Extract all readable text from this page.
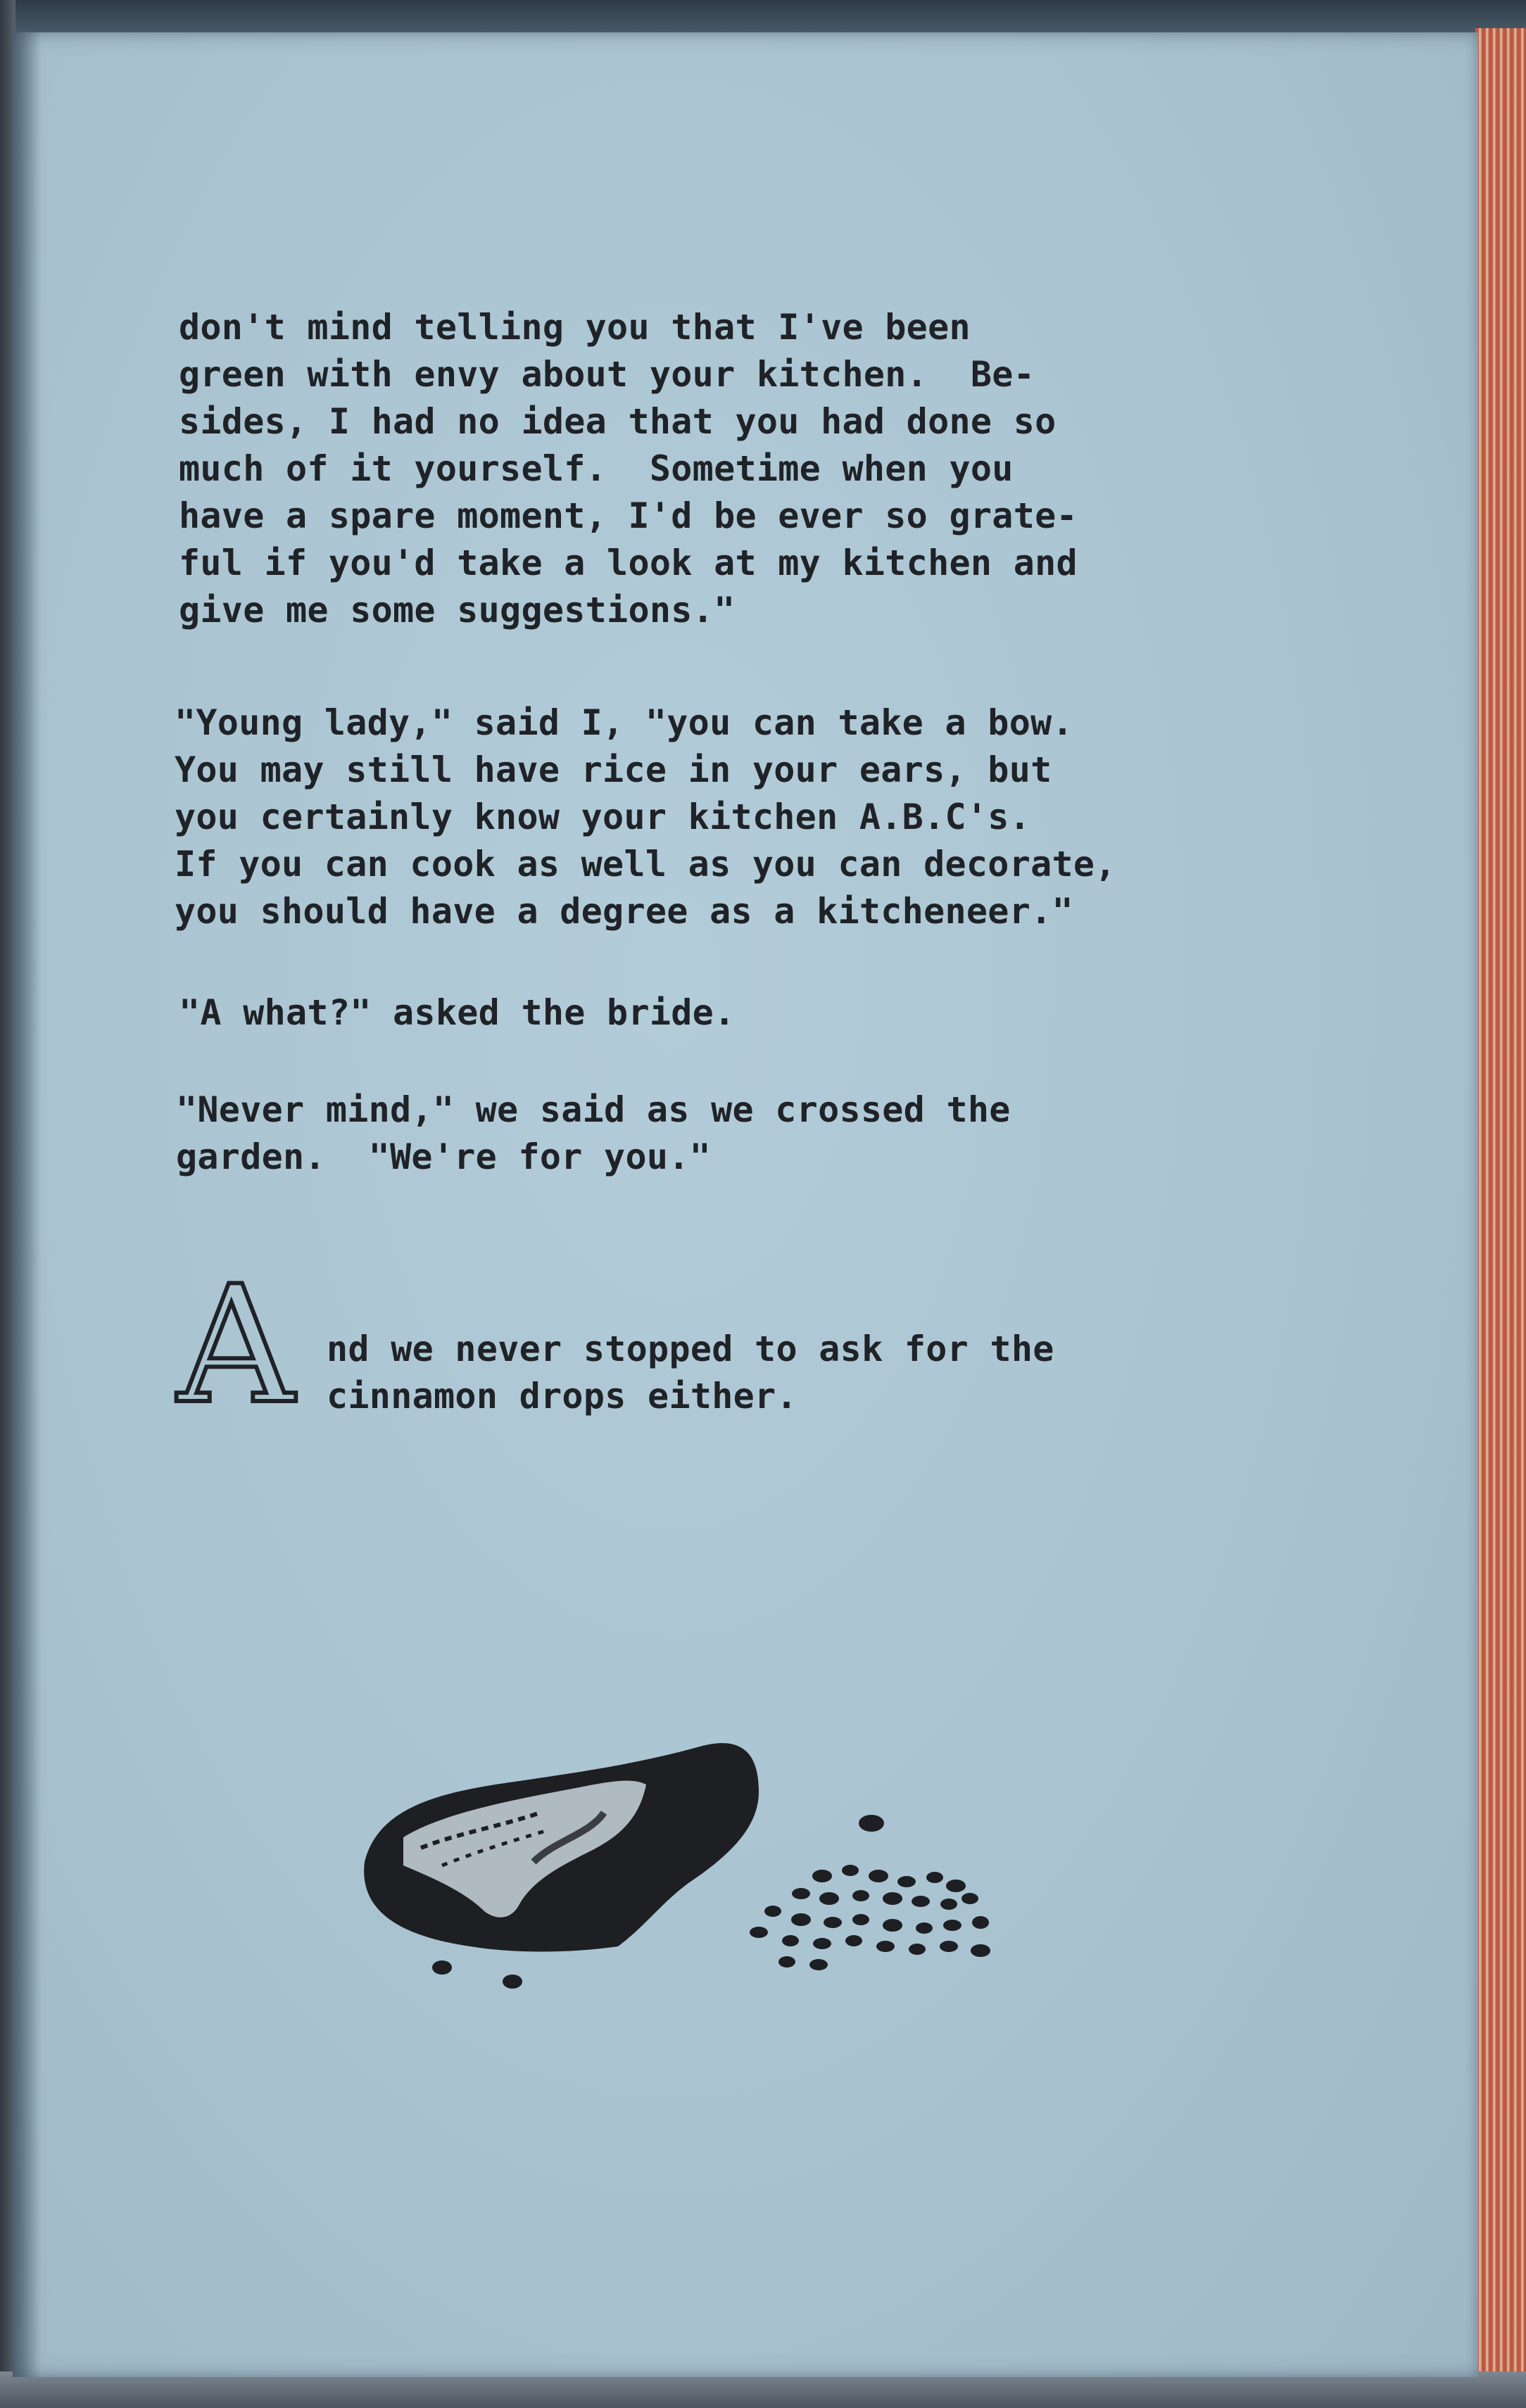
don't mind telling you that I've been
green with envy about your kitchen.  Be-
sides, I had no idea that you had done so
much of it yourself.  Sometime when you
have a spare moment, I'd be ever so grate-
ful if you'd take a look at my kitchen and
give me some suggestions."
"Young lady," said I, "you can take a bow.
You may still have rice in your ears, but
you certainly know your kitchen A.B.C's.
If you can cook as well as you can decorate,
you should have a degree as a kitcheneer."
"A what?" asked the bride.
"Never mind," we said as we crossed the
garden.  "We're for you."
A nd we never stopped to ask for the
cinnamon drops either.
